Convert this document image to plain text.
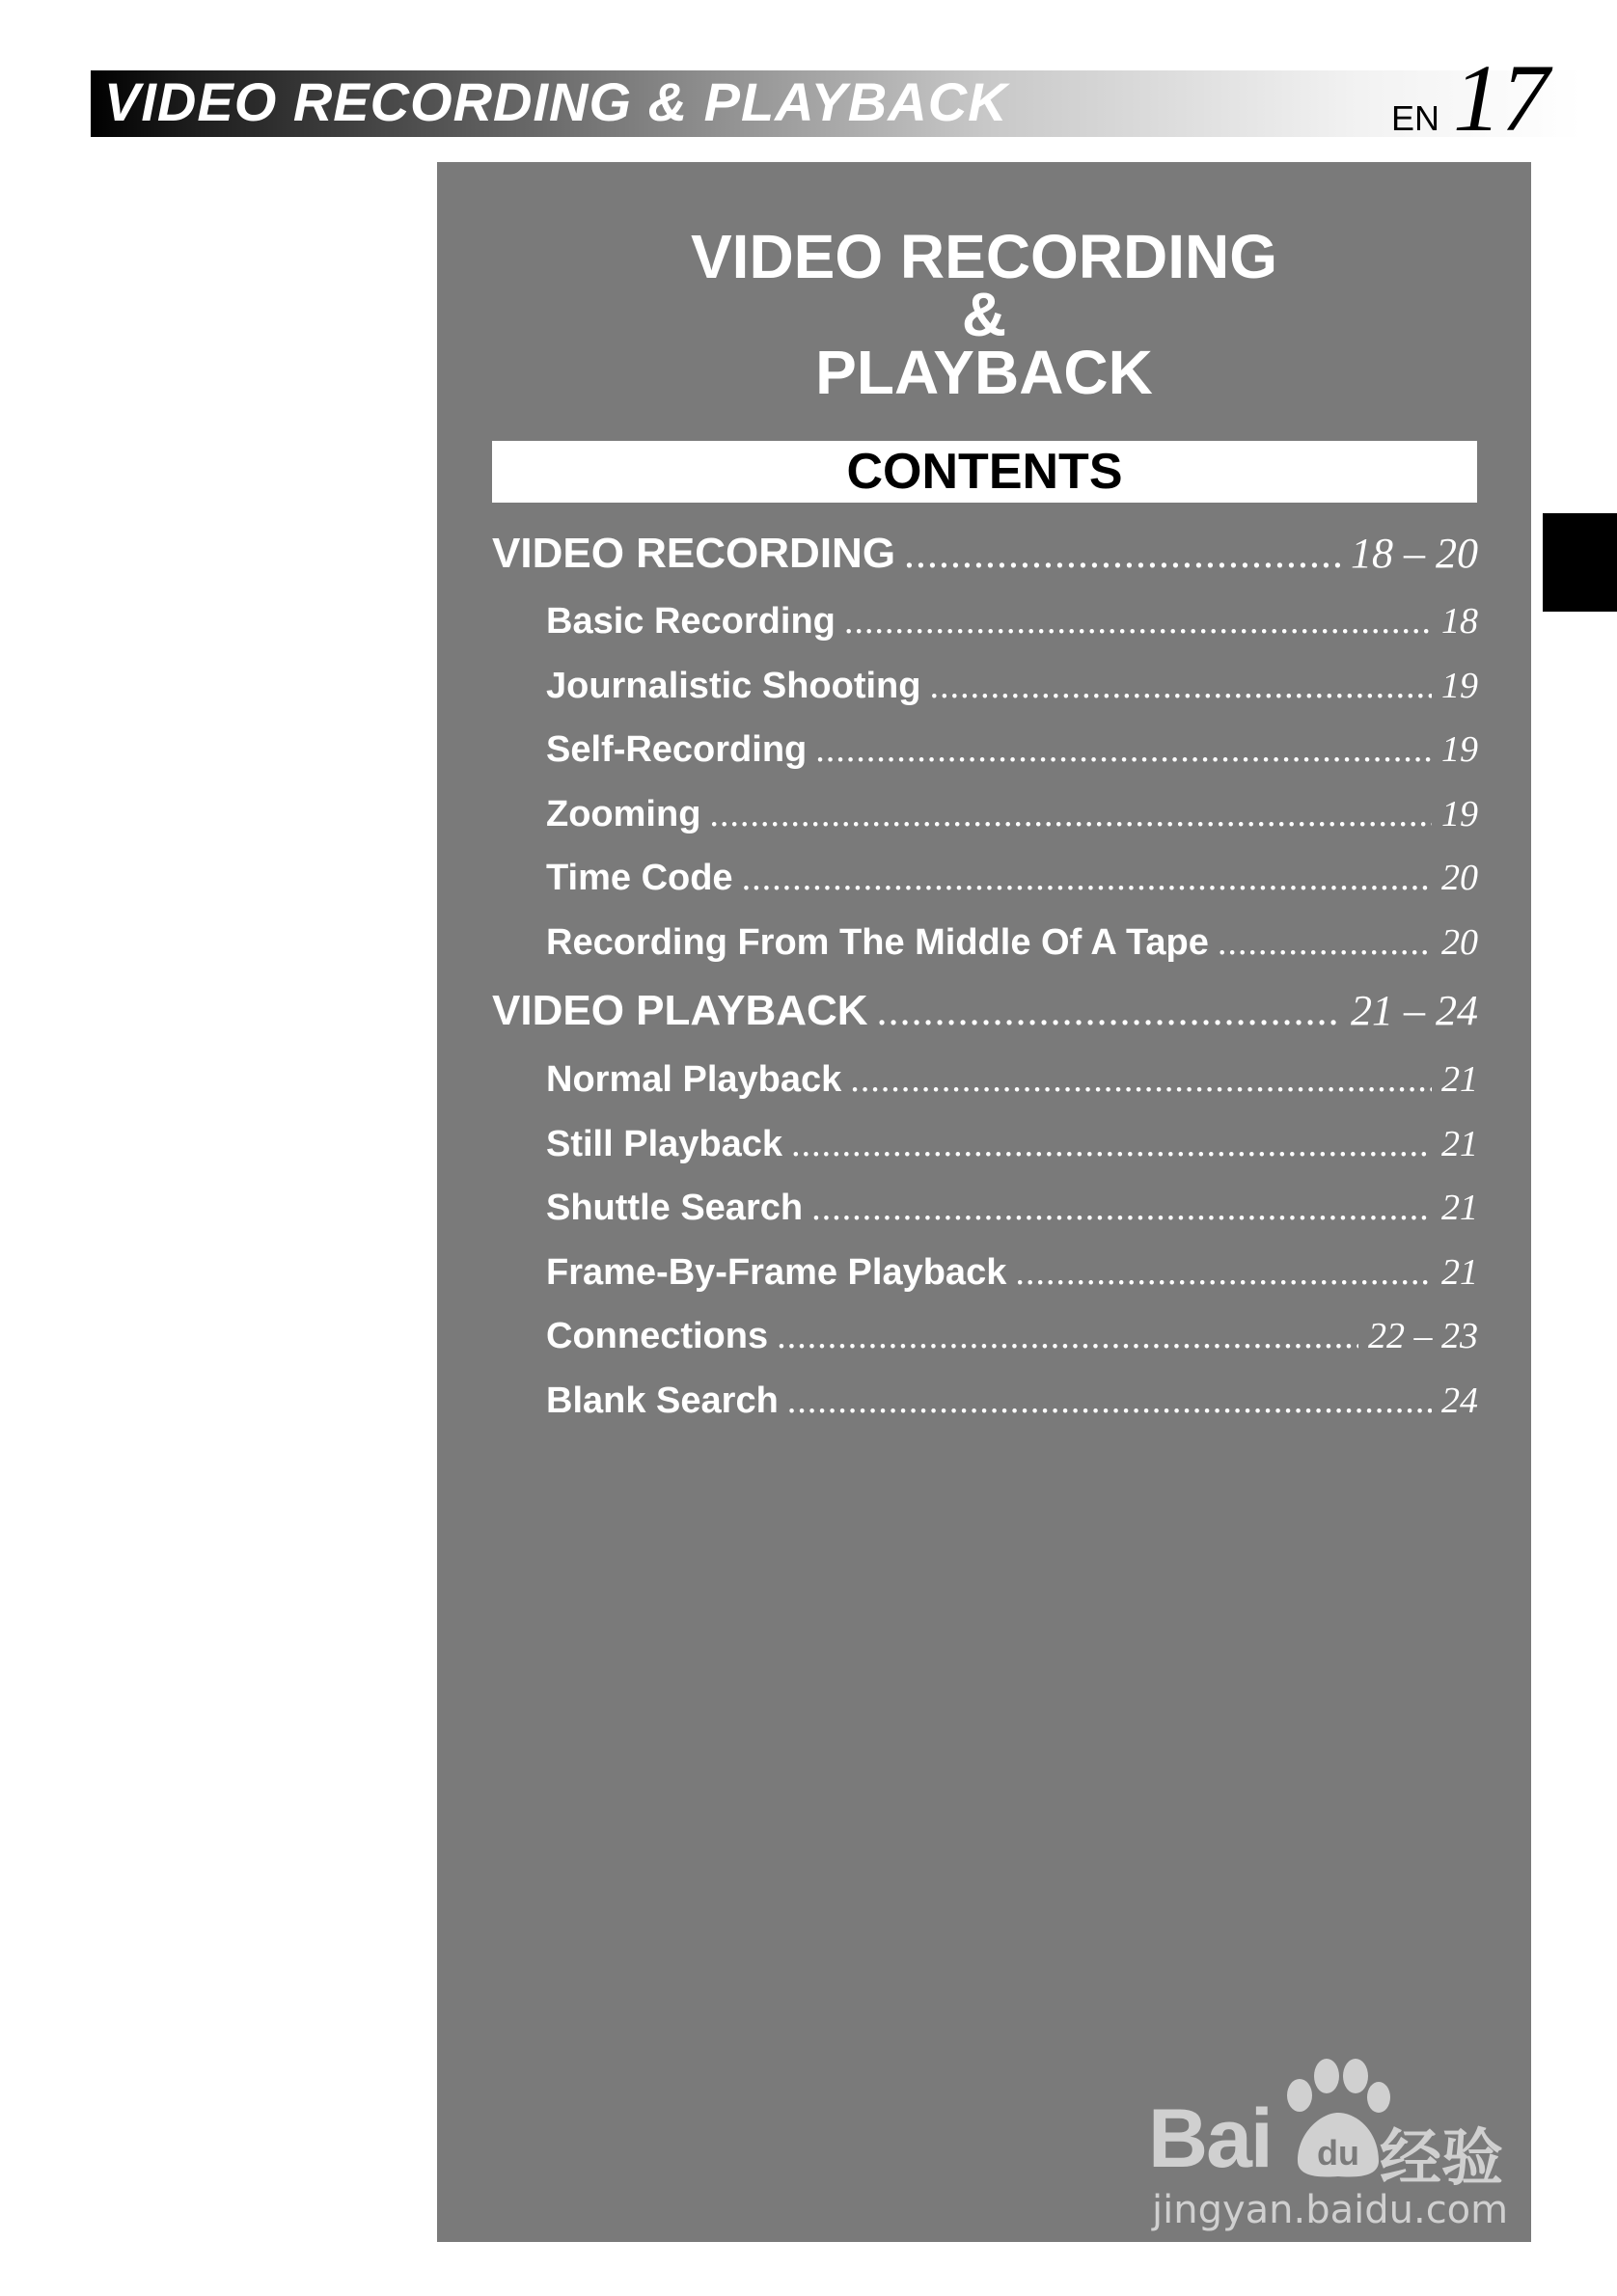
VIDEO RECORDING & PLAYBACK	EN 17
VIDEO RECORDING
&
PLAYBACK
CONTENTS
VIDEO RECORDING .....	18 – 20
Basic Recording .....	18
Journalistic Shooting .....	19
Self-Recording .....	19
Zooming .....	19
Time Code .....	20
Recording From The Middle Of A Tape .....	20
VIDEO PLAYBACK .....	21 – 24
Normal Playback .....	21
Still Playback .....	21
Shuttle Search .....	21
Frame-By-Frame Playback .....	21
Connections .....	22 – 23
Blank Search .....	24
Bai du 经验
jingyan.baidu.com
